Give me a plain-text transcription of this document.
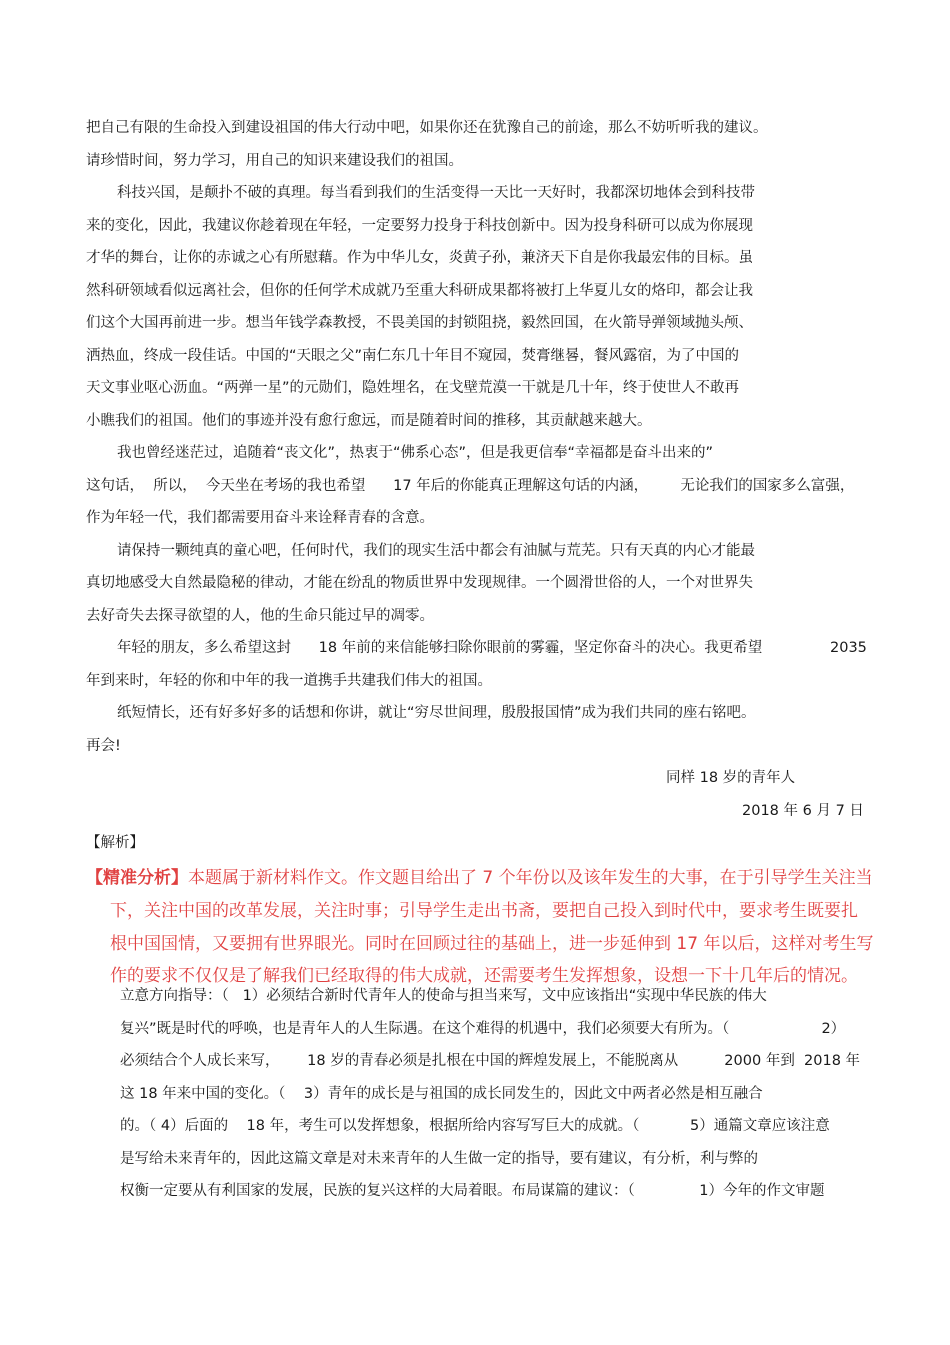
把自己有限的生命投入到建设祖国的伟大行动中吧，如果你还在犹豫自己的前途，那么不妨听听我的建议。
请珍惜时间，努力学习，用自己的知识来建设我们的祖国。
科技兴国，是颠扑不破的真理。每当看到我们的生活变得一天比一天好时，我都深切地体会到科技带
来的变化，因此，我建议你趁着现在年轻，一定要努力投身于科技创新中。因为投身科研可以成为你展现
才华的舞台，让你的赤诚之心有所慰藉。作为中华儿女，炎黄子孙，兼济天下自是你我最宏伟的目标。虽
然科研领域看似远离社会，但你的任何学术成就乃至重大科研成果都将被打上华夏儿女的烙印，都会让我
们这个大国再前进一步。想当年钱学森教授，不畏美国的封锁阻挠，毅然回国，在火箭导弹领域抛头颅、
洒热血，终成一段佳话。中国的“天眼之父”南仁东几十年目不窥园，焚膏继晷，餐风露宿，为了中国的
天文事业呕心沥血。“两弹一星”的元勋们，隐姓埋名，在戈壁荒漠一干就是几十年，终于使世人不敢再
小瞧我们的祖国。他们的事迹并没有愈行愈远，而是随着时间的推移，其贡献越来越大。
我也曾经迷茫过，追随着“丧文化”，热衷于“佛系心态”，但是我更信奉“幸福都是奋斗出来的”
这句话，  所以，  今天坐在考场的我也希望      17 年后的你能真正理解这句话的内涵，       无论我们的国家多么富强，
作为年轻一代，我们都需要用奋斗来诠释青春的含意。
请保持一颗纯真的童心吧，任何时代，我们的现实生活中都会有油腻与荒芜。只有天真的内心才能最
真切地感受大自然最隐秘的律动，才能在纷乱的物质世界中发现规律。一个圆滑世俗的人，一个对世界失
去好奇失去探寻欲望的人，他的生命只能过早的凋零。
年轻的朋友，多么希望这封      18 年前的来信能够扫除你眼前的雾霾，坚定你奋斗的决心。我更希望	2035
年到来时，年轻的你和中年的我一道携手共建我们伟大的祖国。
纸短情长，还有好多好多的话想和你讲，就让“穷尽世间理，殷殷报国情”成为我们共同的座右铭吧。
再会!
同样 18 岁的青年人
2018 年 6 月 7 日
【解析】
【精准分析】本题属于新材料作文。作文题目给出了 7 个年份以及该年发生的大事，在于引导学生关注当
下，关注中国的改革发展，关注时事；引导学生走出书斋，要把自己投入到时代中，要求考生既要扎
根中国国情，又要拥有世界眼光。同时在回顾过往的基础上，进一步延伸到 17 年以后，这样对考生写
作的要求不仅仅是了解我们已经取得的伟大成就，还需要考生发挥想象，设想一下十几年后的情况。
立意方向指导：（   1）必须结合新时代青年人的使命与担当来写，文中应该指出“实现中华民族的伟大
复兴”既是时代的呼唤，也是青年人的人生际遇。在这个难得的机遇中，我们必须要大有所为。（                    2）
必须结合个人成长来写，      18 岁的青春必须是扎根在中国的辉煌发展上，不能脱离从          2000 年到  2018 年
这 18 年来中国的变化。（    3）青年的成长是与祖国的成长同发生的，因此文中两者必然是相互融合
的。（ 4）后面的    18 年，考生可以发挥想象，根据所给内容写写巨大的成就。（           5）通篇文章应该注意
是写给未来青年的，因此这篇文章是对未来青年的人生做一定的指导，要有建议，有分析，利与弊的
权衡一定要从有利国家的发展，民族的复兴这样的大局着眼。布局谋篇的建议：（              1）今年的作文审题
